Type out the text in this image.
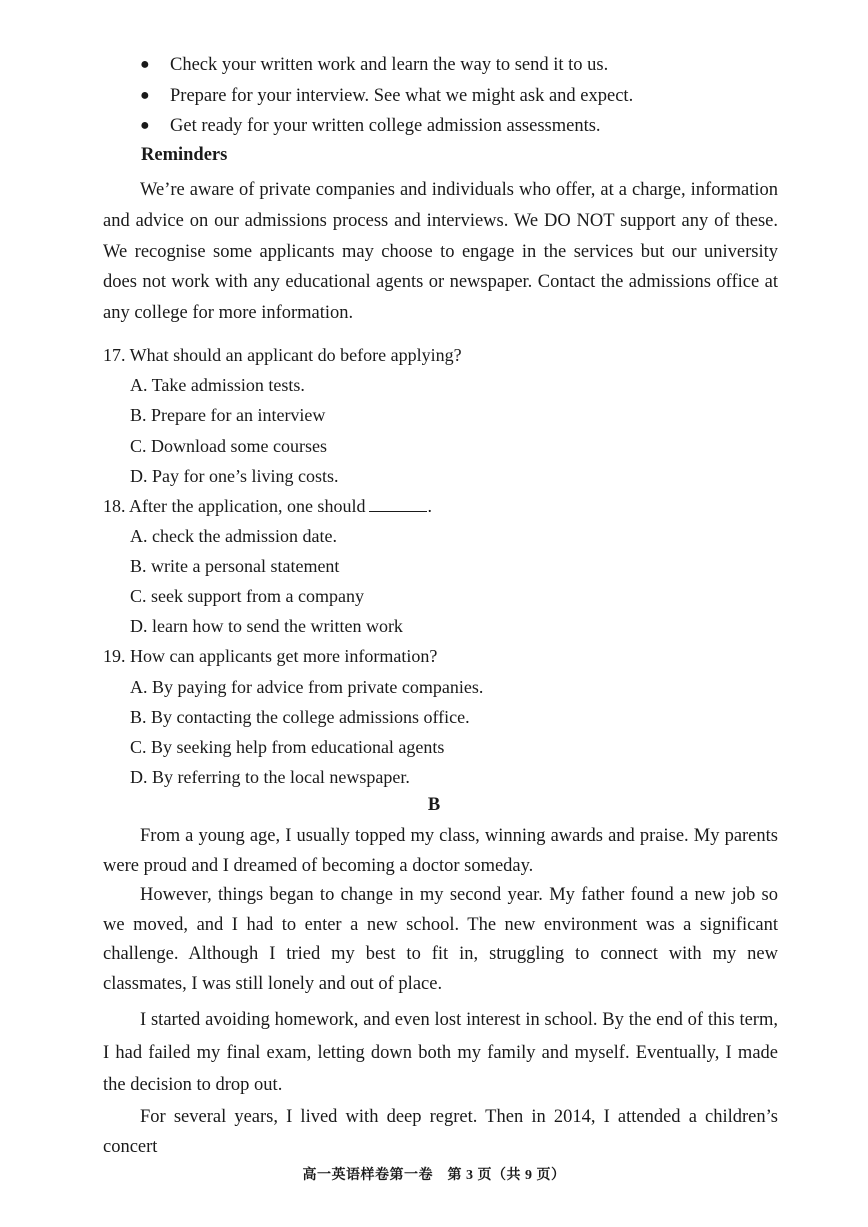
●	Check your written work and learn the way to send it to us.
●	Prepare for your interview. See what we might ask and expect.
●	Get ready for your written college admission assessments.
Reminders
We’re aware of private companies and individuals who offer, at a charge, information and advice on our admissions process and interviews. We DO NOT support any of these. We recognise some applicants may choose to engage in the services but our university does not work with any educational agents or newspaper. Contact the admissions office at any college for more information.
17. What should an applicant do before applying?
A. Take admission tests.
B. Prepare for an interview
C. Download some courses
D. Pay for one’s living costs.
18. After the application, one should	.
A. check the admission date.
B. write a personal statement
C. seek support from a company
D. learn how to send the written work
19. How can applicants get more information?
A. By paying for advice from private companies.
B. By contacting the college admissions office.
C. By seeking help from educational agents
D. By referring to the local newspaper.
B

From a young age, I usually topped my class, winning awards and praise. My parents were proud and I dreamed of becoming a doctor someday.

However, things began to change in my second year. My father found a new job so we moved, and I had to enter a new school. The new environment was a significant challenge. Although I tried my best to fit in, struggling to connect with my new classmates, I was still lonely and out of place.

I started avoiding homework, and even lost interest in school. By the end of this term, I had failed my final exam, letting down both my family and myself. Eventually, I made the decision to drop out.

For several years, I lived with deep regret. Then in 2014, I attended a children’s concert

高一英语样卷第一卷　第 3 页（共 9 页）
